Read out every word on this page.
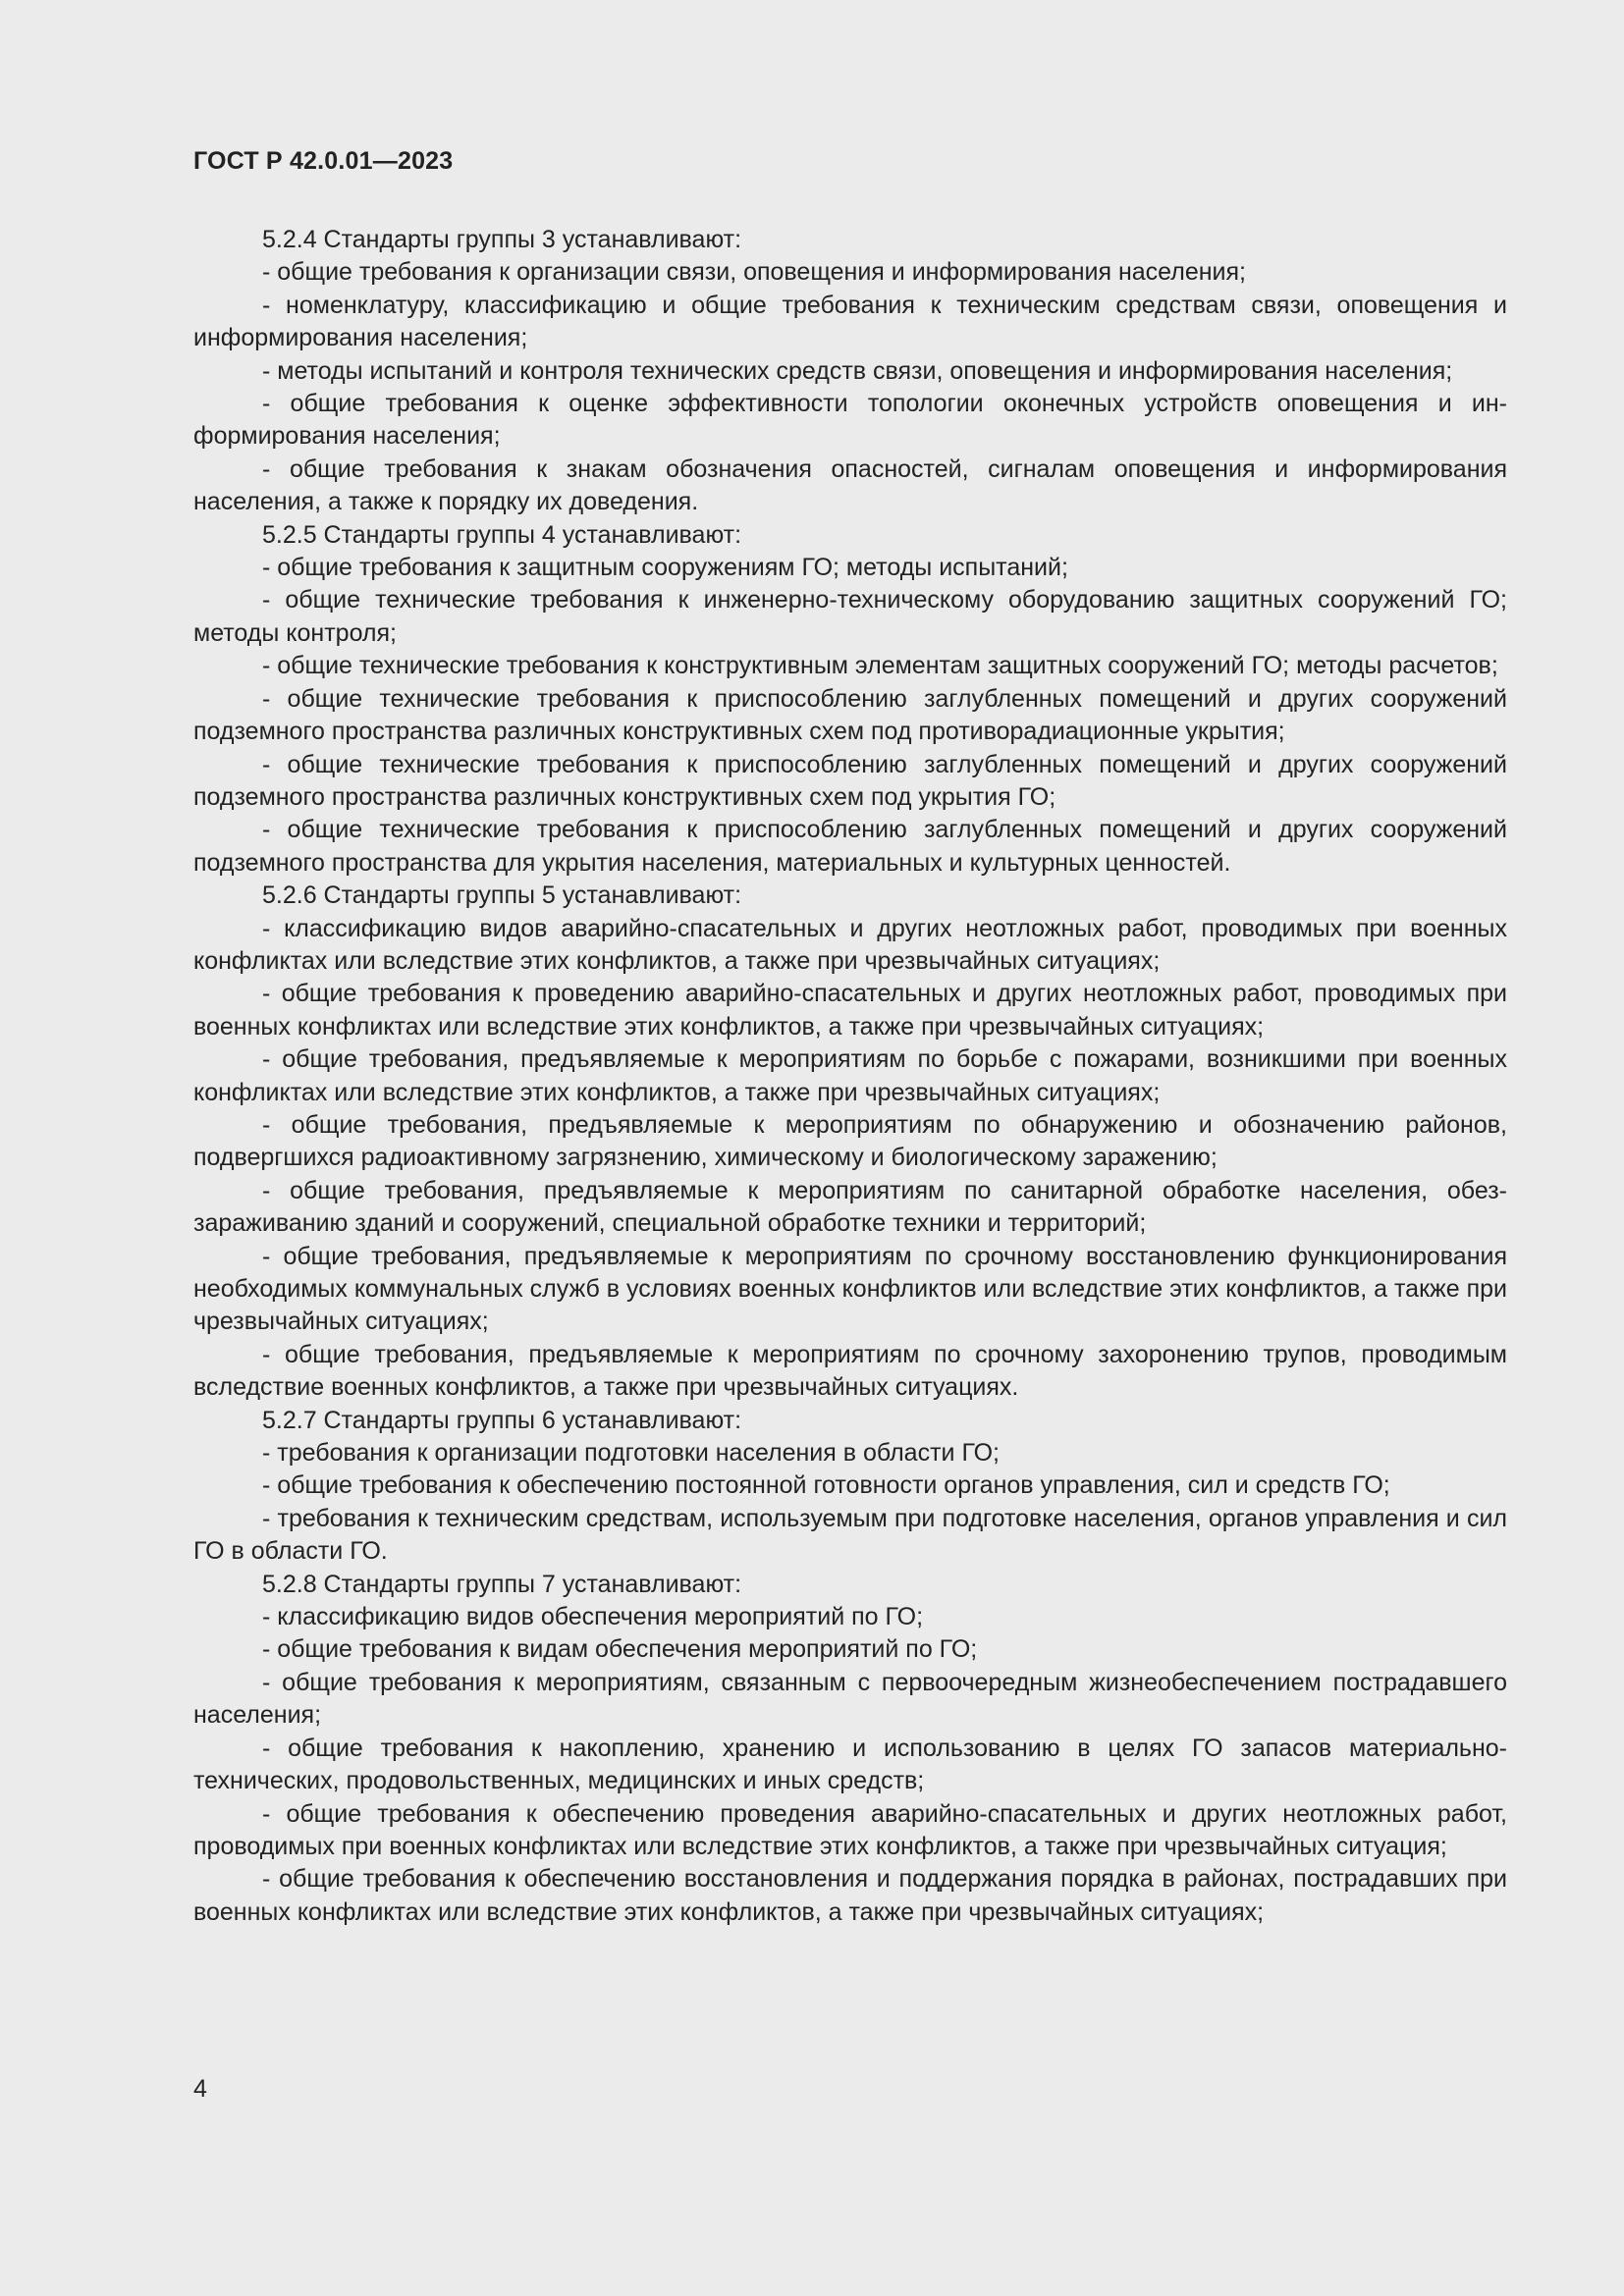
ГОСТ Р 42.0.01—2023

5.2.4 Стандарты группы 3 устанавливают:

- общие требования к организации связи, оповещения и информирования населения;

- номенклатуру, классификацию и общие требования к техническим средствам связи, оповещения и информирования населения;

- методы испытаний и контроля технических средств связи, оповещения и информирования населения;

- общие требования к оценке эффективности топологии оконечных устройств оповещения и информирования населения;

- общие требования к знакам обозначения опасностей, сигналам оповещения и информирования населения, а также к порядку их доведения.

5.2.5 Стандарты группы 4 устанавливают:

- общие требования к защитным сооружениям ГО; методы испытаний;

- общие технические требования к инженерно-техническому оборудованию защитных сооружений ГО; методы контроля;

- общие технические требования к конструктивным элементам защитных сооружений ГО; методы расчетов;

- общие технические требования к приспособлению заглубленных помещений и других сооружений подземного пространства различных конструктивных схем под противорадиационные укрытия;

- общие технические требования к приспособлению заглубленных помещений и других сооружений подземного пространства различных конструктивных схем под укрытия ГО;

- общие технические требования к приспособлению заглубленных помещений и других сооружений подземного пространства для укрытия населения, материальных и культурных ценностей.

5.2.6 Стандарты группы 5 устанавливают:

- классификацию видов аварийно-спасательных и других неотложных работ, проводимых при военных конфликтах или вследствие этих конфликтов, а также при чрезвычайных ситуациях;

- общие требования к проведению аварийно-спасательных и других неотложных работ, проводимых при военных конфликтах или вследствие этих конфликтов, а также при чрезвычайных ситуациях;

- общие требования, предъявляемые к мероприятиям по борьбе с пожарами, возникшими при военных конфликтах или вследствие этих конфликтов, а также при чрезвычайных ситуациях;

- общие требования, предъявляемые к мероприятиям по обнаружению и обозначению районов, подвергшихся радиоактивному загрязнению, химическому и биологическому заражению;

- общие требования, предъявляемые к мероприятиям по санитарной обработке населения, обеззараживанию зданий и сооружений, специальной обработке техники и территорий;

- общие требования, предъявляемые к мероприятиям по срочному восстановлению функционирования необходимых коммунальных служб в условиях военных конфликтов или вследствие этих конфликтов, а также при чрезвычайных ситуациях;

- общие требования, предъявляемые к мероприятиям по срочному захоронению трупов, проводимым вследствие военных конфликтов, а также при чрезвычайных ситуациях.

5.2.7 Стандарты группы 6 устанавливают:

- требования к организации подготовки населения в области ГО;

- общие требования к обеспечению постоянной готовности органов управления, сил и средств ГО;

- требования к техническим средствам, используемым при подготовке населения, органов управления и сил ГО в области ГО.

5.2.8 Стандарты группы 7 устанавливают:

- классификацию видов обеспечения мероприятий по ГО;

- общие требования к видам обеспечения мероприятий по ГО;

- общие требования к мероприятиям, связанным с первоочередным жизнеобеспечением пострадавшего населения;

- общие требования к накоплению, хранению и использованию в целях ГО запасов материально-технических, продовольственных, медицинских и иных средств;

- общие требования к обеспечению проведения аварийно-спасательных и других неотложных работ, проводимых при военных конфликтах или вследствие этих конфликтов, а также при чрезвычайных ситуация;

- общие требования к обеспечению восстановления и поддержания порядка в районах, пострадавших при военных конфликтах или вследствие этих конфликтов, а также при чрезвычайных ситуациях;

4
